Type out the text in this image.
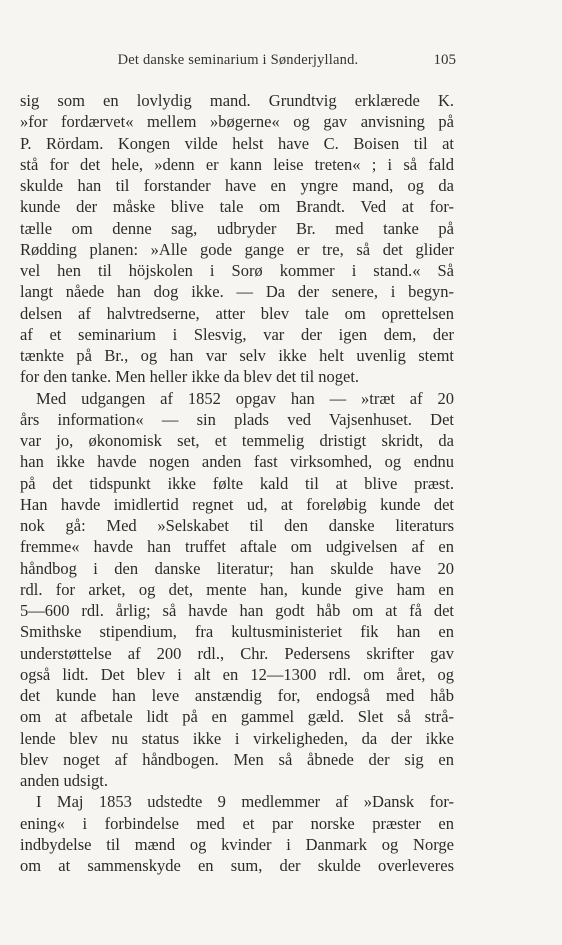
Det danske seminarium i Sønderjylland.	105
sig som en lovlydig mand. Grundtvig erklærede K.
»for fordærvet« mellem »bøgerne« og gav anvisning på
P. Rördam. Kongen vilde helst have C. Boisen til at
stå for det hele, »denn er kann leise treten« ; i så fald
skulde han til forstander have en yngre mand, og da
kunde der måske blive tale om Brandt. Ved at for-
tælle om denne sag, udbryder Br. med tanke på
Rødding planen: »Alle gode gange er tre, så det glider
vel hen til höjskolen i Sorø kommer i stand.« Så
langt nåede han dog ikke. — Da der senere, i begyn-
delsen af halvtredserne, atter blev tale om oprettelsen
af et seminarium i Slesvig, var der igen dem, der
tænkte på Br., og han var selv ikke helt uvenlig stemt
for den tanke. Men heller ikke da blev det til noget.
Med udgangen af 1852 opgav han — »træt af 20
års information« — sin plads ved Vajsenhuset. Det
var jo, økonomisk set, et temmelig dristigt skridt, da
han ikke havde nogen anden fast virksomhed, og endnu
på det tidspunkt ikke følte kald til at blive præst.
Han havde imidlertid regnet ud, at foreløbig kunde det
nok gå: Med »Selskabet til den danske literaturs
fremme« havde han truffet aftale om udgivelsen af en
håndbog i den danske literatur; han skulde have 20
rdl. for arket, og det, mente han, kunde give ham en
5—600 rdl. årlig; så havde han godt håb om at få det
Smithske stipendium, fra kultusministeriet fik han en
understøttelse af 200 rdl., Chr. Pedersens skrifter gav
også lidt. Det blev i alt en 12—1300 rdl. om året, og
det kunde han leve anstændig for, endogså med håb
om at afbetale lidt på en gammel gæld. Slet så strå-
lende blev nu status ikke i virkeligheden, da der ikke
blev noget af håndbogen. Men så åbnede der sig en
anden udsigt.
I Maj 1853 udstedte 9 medlemmer af »Dansk for-
ening« i forbindelse med et par norske præster en
indbydelse til mænd og kvinder i Danmark og Norge
om at sammenskyde en sum, der skulde overleveres
